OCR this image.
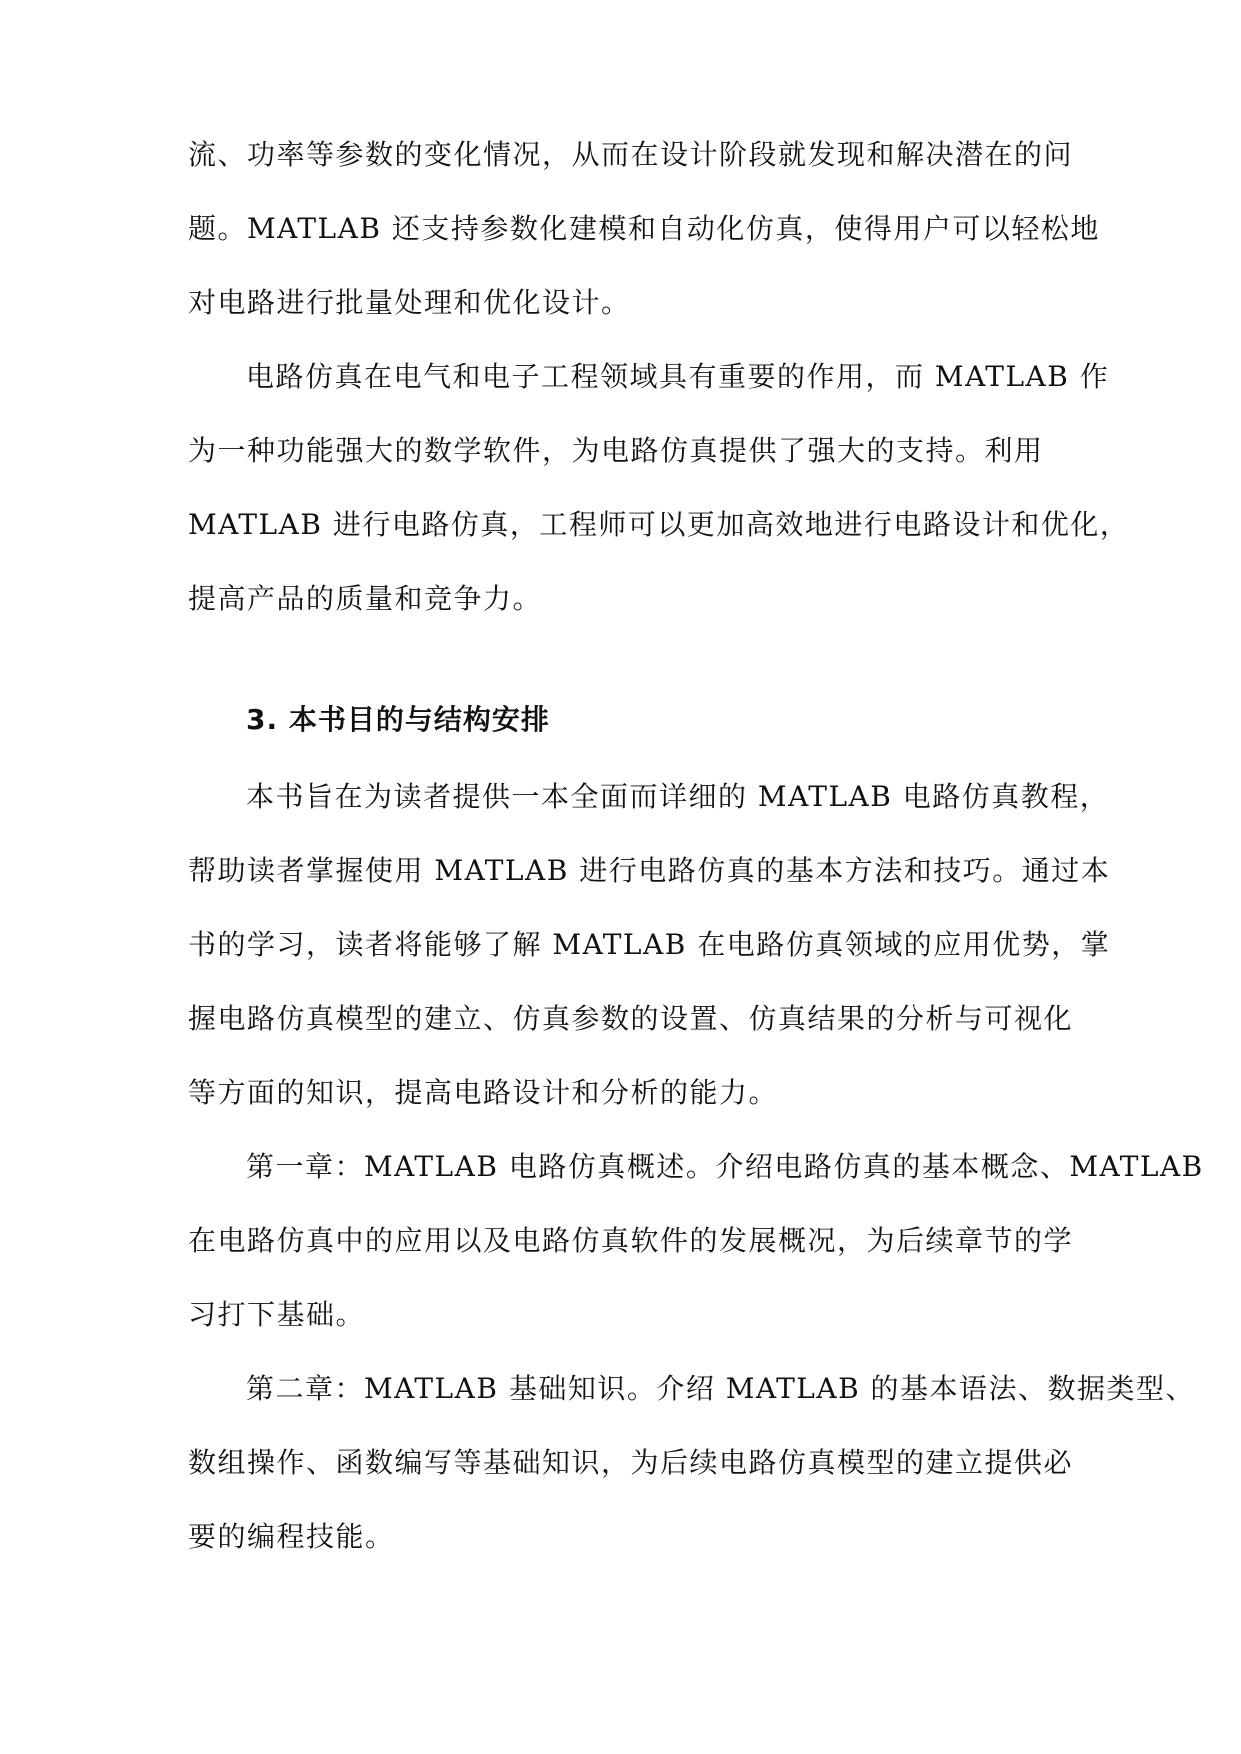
流、功率等参数的变化情况，从而在设计阶段就发现和解决潜在的问
题。MATLAB 还支持参数化建模和自动化仿真，使得用户可以轻松地
对电路进行批量处理和优化设计。
电路仿真在电气和电子工程领域具有重要的作用，而 MATLAB 作
为一种功能强大的数学软件，为电路仿真提供了强大的支持。利用
MATLAB 进行电路仿真，工程师可以更加高效地进行电路设计和优化，
提高产品的质量和竞争力。
3. 本书目的与结构安排
本书旨在为读者提供一本全面而详细的 MATLAB 电路仿真教程，
帮助读者掌握使用 MATLAB 进行电路仿真的基本方法和技巧。通过本
书的学习，读者将能够了解 MATLAB 在电路仿真领域的应用优势，掌
握电路仿真模型的建立、仿真参数的设置、仿真结果的分析与可视化
等方面的知识，提高电路设计和分析的能力。
第一章：MATLAB 电路仿真概述。介绍电路仿真的基本概念、MATLAB
在电路仿真中的应用以及电路仿真软件的发展概况，为后续章节的学
习打下基础。
第二章：MATLAB 基础知识。介绍 MATLAB 的基本语法、数据类型、
数组操作、函数编写等基础知识，为后续电路仿真模型的建立提供必
要的编程技能。
